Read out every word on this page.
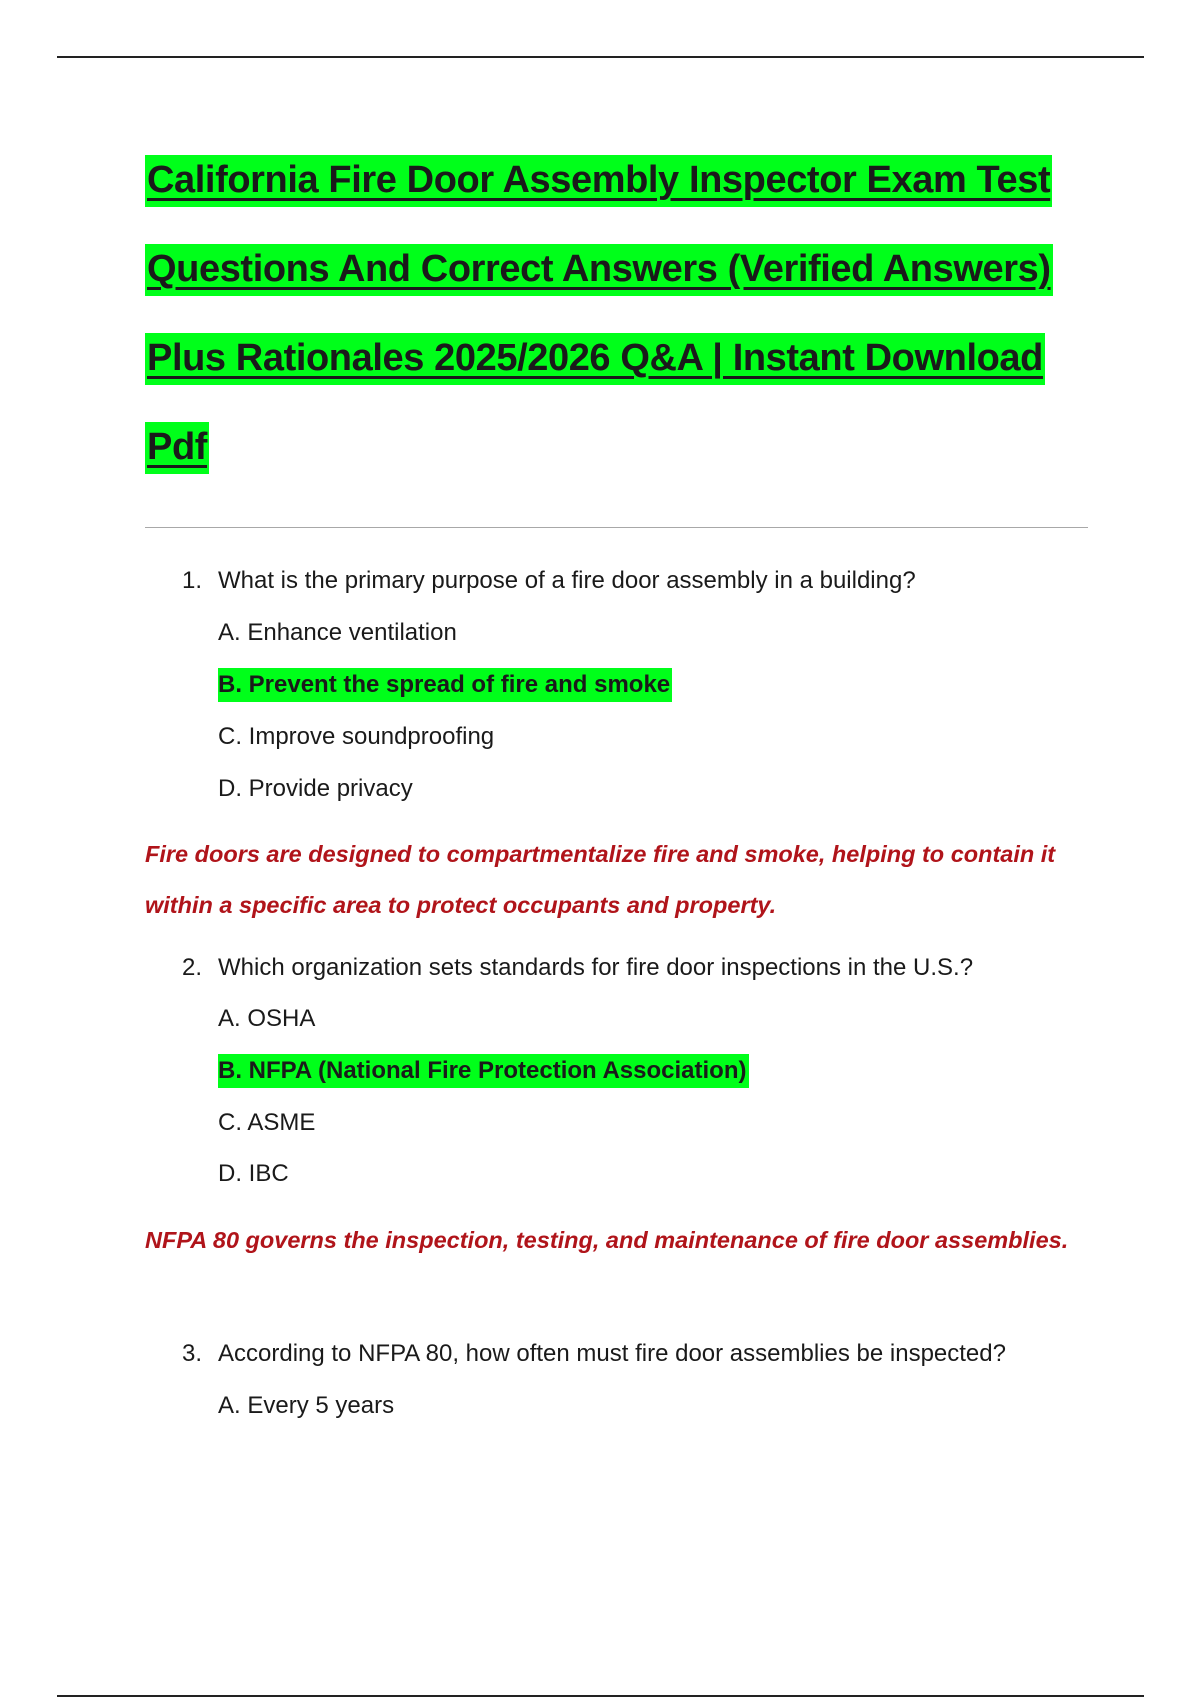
California Fire Door Assembly Inspector Exam Test Questions And Correct Answers (Verified Answers) Plus Rationales 2025/2026 Q&A | Instant Download Pdf
1. What is the primary purpose of a fire door assembly in a building?
A. Enhance ventilation
B. Prevent the spread of fire and smoke
C. Improve soundproofing
D. Provide privacy

Fire doors are designed to compartmentalize fire and smoke, helping to contain it within a specific area to protect occupants and property.

2. Which organization sets standards for fire door inspections in the U.S.?
A. OSHA
B. NFPA (National Fire Protection Association)
C. ASME
D. IBC

NFPA 80 governs the inspection, testing, and maintenance of fire door assemblies.

3. According to NFPA 80, how often must fire door assemblies be inspected?
A. Every 5 years
